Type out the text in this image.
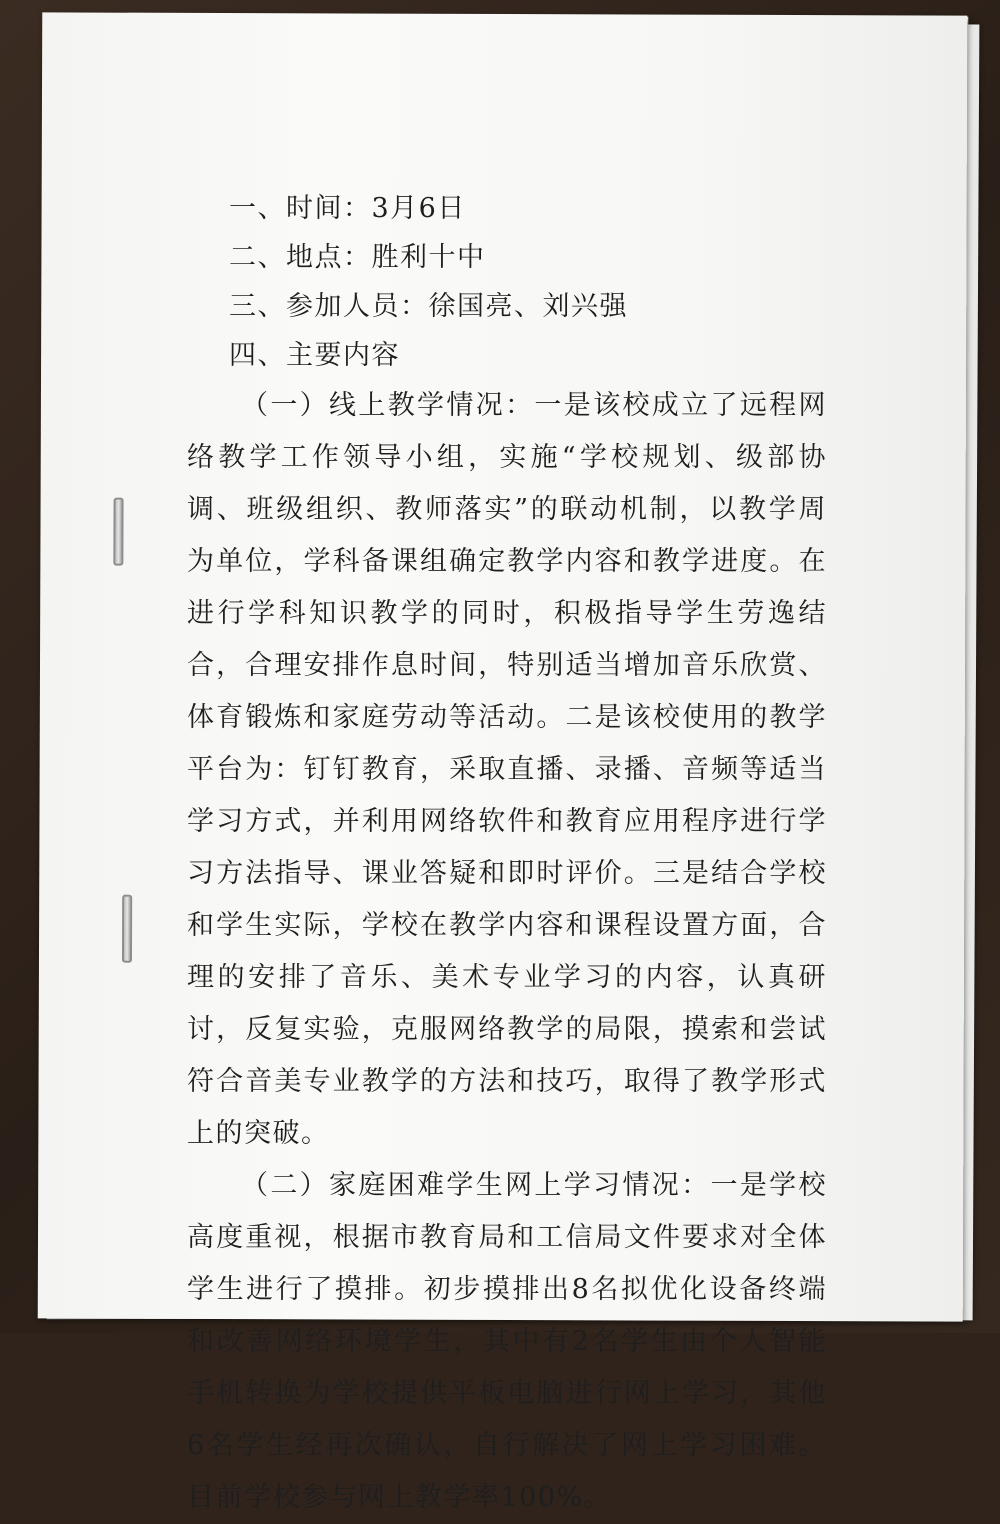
一、时间：3月6日
二、地点：胜利十中
三、参加人员：徐国亮、刘兴强
四、主要内容

（一）线上教学情况：一是该校成立了远程网络教学工作领导小组，实施“学校规划、级部协调、班级组织、教师落实”的联动机制，以教学周为单位，学科备课组确定教学内容和教学进度。在进行学科知识教学的同时，积极指导学生劳逸结合，合理安排作息时间，特别适当增加音乐欣赏、体育锻炼和家庭劳动等活动。二是该校使用的教学平台为：钉钉教育，采取直播、录播、音频等适当学习方式，并利用网络软件和教育应用程序进行学习方法指导、课业答疑和即时评价。三是结合学校和学生实际，学校在教学内容和课程设置方面，合理的安排了音乐、美术专业学习的内容，认真研讨，反复实验，克服网络教学的局限，摸索和尝试符合音美专业教学的方法和技巧，取得了教学形式上的突破。

（二）家庭困难学生网上学习情况：一是学校高度重视，根据市教育局和工信局文件要求对全体学生进行了摸排。初步摸排出8名拟优化设备终端和改善网络环境学生，其中有2名学生由个人智能手机转换为学校提供平板电脑进行网上学习，其他6名学生经再次确认，自行解决了网上学习困难。目前学校参与网上教学率100%。
